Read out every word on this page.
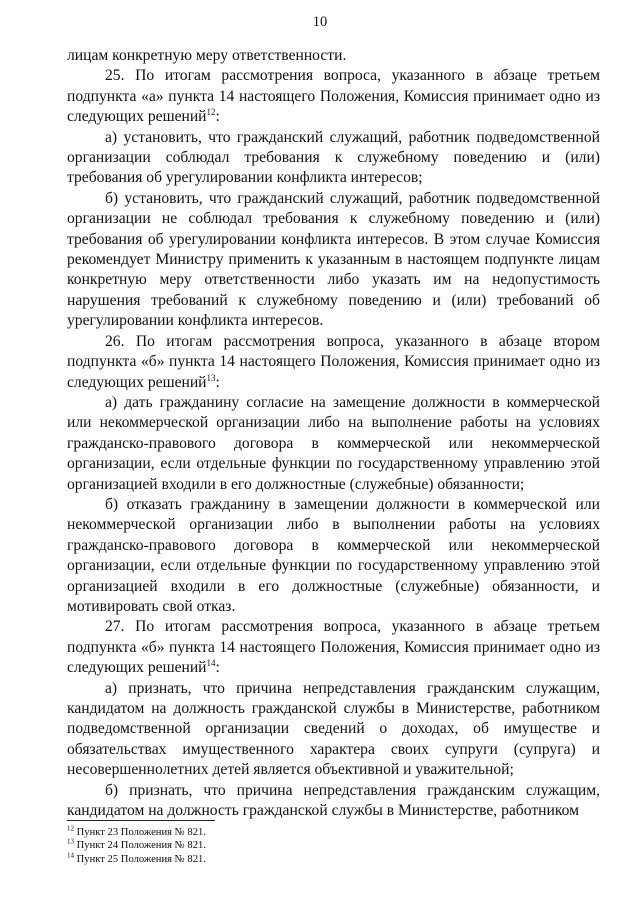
10

лицам конкретную меру ответственности.

25. По итогам рассмотрения вопроса, указанного в абзаце третьем подпункта «а» пункта 14 настоящего Положения, Комиссия принимает одно из следующих решений$^{12}$:

а) установить, что гражданский служащий, работник подведомственной организации соблюдал требования к служебному поведению и (или) требования об урегулировании конфликта интересов;

б) установить, что гражданский служащий, работник подведомственной организации не соблюдал требования к служебному поведению и (или) требования об урегулировании конфликта интересов. В этом случае Комиссия рекомендует Министру применить к указанным в настоящем подпункте лицам конкретную меру ответственности либо указать им на недопустимость нарушения требований к служебному поведению и (или) требований об урегулировании конфликта интересов.

26. По итогам рассмотрения вопроса, указанного в абзаце втором подпункта «б» пункта 14 настоящего Положения, Комиссия принимает одно из следующих решений$^{13}$:

а) дать гражданину согласие на замещение должности в коммерческой или некоммерческой организации либо на выполнение работы на условиях гражданско-правового договора в коммерческой или некоммерческой организации, если отдельные функции по государственному управлению этой организацией входили в его должностные (служебные) обязанности;

б) отказать гражданину в замещении должности в коммерческой или некоммерческой организации либо в выполнении работы на условиях гражданско-правового договора в коммерческой или некоммерческой организации, если отдельные функции по государственному управлению этой организацией входили в его должностные (служебные) обязанности, и мотивировать свой отказ.

27. По итогам рассмотрения вопроса, указанного в абзаце третьем подпункта «б» пункта 14 настоящего Положения, Комиссия принимает одно из следующих решений$^{14}$:

а) признать, что причина непредставления гражданским служащим, кандидатом на должность гражданской службы в Министерстве, работником подведомственной организации сведений о доходах, об имуществе и обязательствах имущественного характера своих супруги (супруга) и несовершеннолетних детей является объективной и уважительной;

б) признать, что причина непредставления гражданским служащим, кандидатом на должность гражданской службы в Министерстве, работником

$^{12}$ Пункт 23 Положения № 821.

$^{13}$ Пункт 24 Положения № 821.

$^{14}$ Пункт 25 Положения № 821.
